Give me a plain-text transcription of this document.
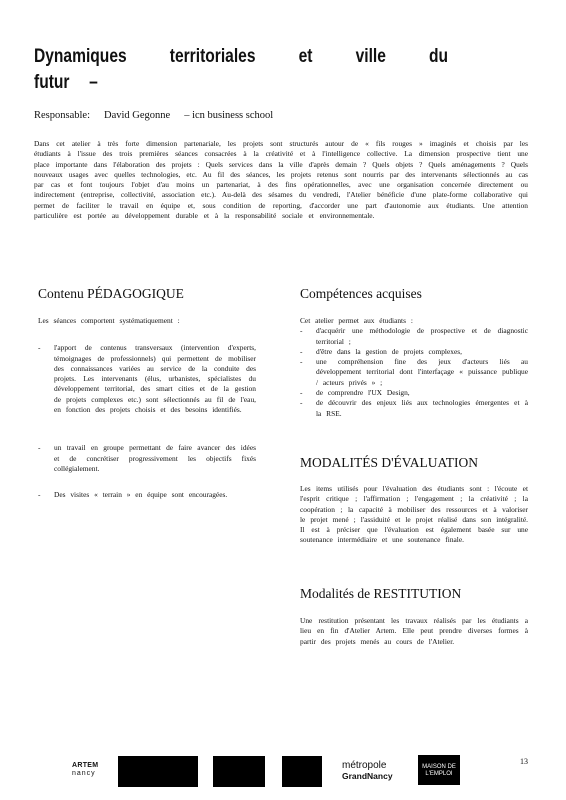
Dynamiques territoriales et ville du
futur –
Responsable: David Gegonne – icn business school
Dans cet atelier à très forte dimension partenariale, les projets sont structurés autour de « fils rouges » imaginés et choisis par les étudiants à l'issue des trois premières séances consacrées à la créativité et à l'intelligence collective. La dimension prospective tient une place importante dans l'élaboration des projets : Quels services dans la ville d'après demain ? Quels objets ? Quels aménagements ? Quels nouveaux usages avec quelles technologies, etc. Au fil des séances, les projets retenus sont nourris par des intervenants sélectionnés au cas par cas et font toujours l'objet d'au moins un partenariat, à des fins opérationnelles, avec une organisation concernée directement ou indirectement (entreprise, collectivité, association etc.). Au-delà des sésames du vendredi, l'Atelier bénéficie d'une plate-forme collaborative qui permet de faciliter le travail en équipe et, sous condition de reporting, d'accorder une part d'autonomie aux étudiants. Une attention particulière est portée au développement durable et à la responsabilité sociale et environnementale.
Contenu PÉDAGOGIQUE
Les séances comportent systématiquement :
- l'apport de contenus transversaux (intervention d'experts, témoignages de professionnels) qui permettent de mobiliser des connaissances variées au service de la conduite des projets. Les intervenants (élus, urbanistes, spécialistes du développement territorial, des smart cities et de la gestion de projets complexes etc.) sont sélectionnés au fil de l'eau, en fonction des projets choisis et des besoins identifiés.
- un travail en groupe permettant de faire avancer des idées et de concrétiser progressivement les objectifs fixés collégialement.
- Des visites « terrain » en équipe sont encouragées.
Compétences acquises
Cet atelier permet aux étudiants :
- d'acquérir une méthodologie de prospective et de diagnostic territorial ;
- d'être dans la gestion de projets complexes,
- une compréhension fine des jeux d'acteurs liés au développement territorial dont l'interfaçage « puissance publique / acteurs privés » ;
- de comprendre l'UX Design,
- de découvrir des enjeux liés aux technologies émergentes et à la RSE.
MODALITÉS D'ÉVALUATION
Les items utilisés pour l'évaluation des étudiants sont : l'écoute et l'esprit critique ; l'affirmation ; l'engagement ; la créativité ; la coopération ; la capacité à mobiliser des ressources et à valoriser le projet mené ; l'assiduité et le projet réalisé dans son intégralité. Il est à préciser que l'évaluation est également basée sur une soutenance intermédiaire et une soutenance finale.
Modalités de RESTITUTION
Une restitution présentant les travaux réalisés par les étudiants a lieu en fin d'Atelier Artem. Elle peut prendre diverses formes à partir des projets menés au cours de l'Atelier.
ARTEM
nancy
métropole
GrandNancy
MAISON DE L'EMPLOI
13
